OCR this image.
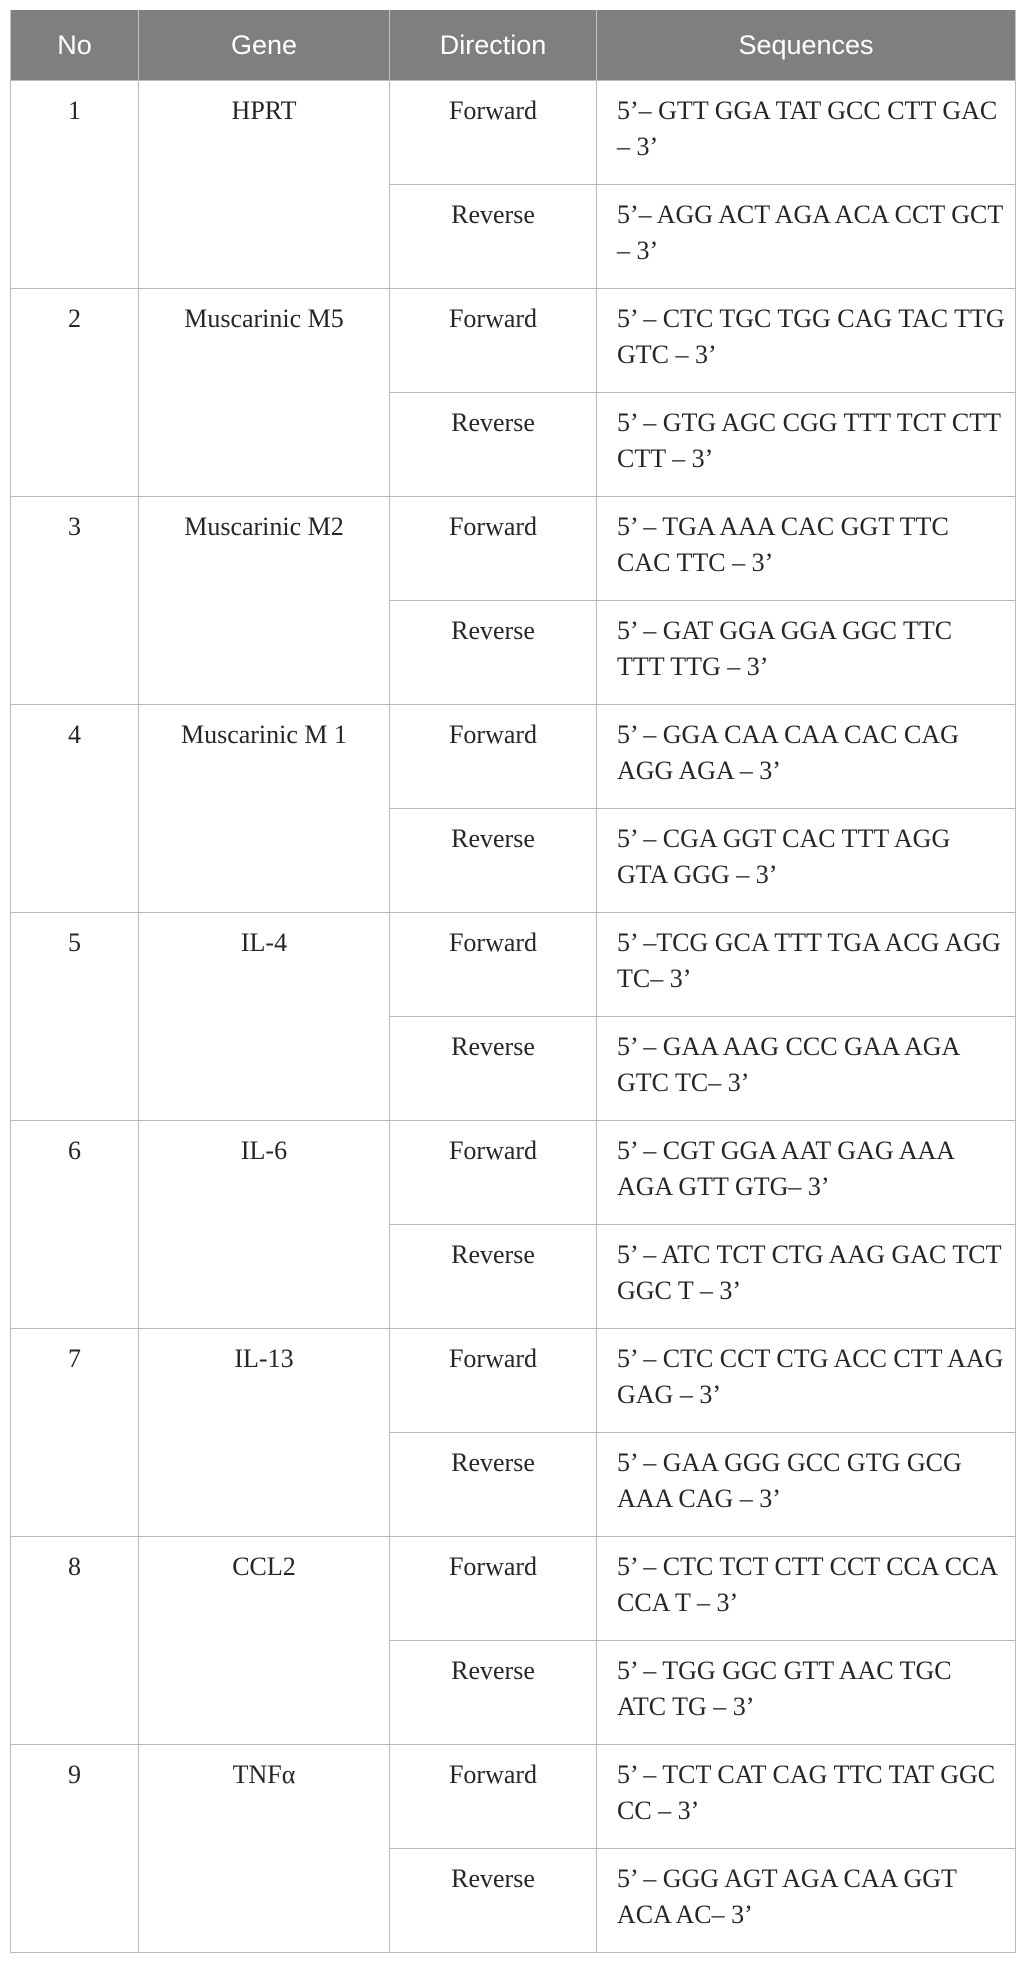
No	Gene	Direction	Sequences
1	HPRT	Forward	5’– GTT GGA TAT GCC CTT GAC – 3’
		Reverse	5’– AGG ACT AGA ACA CCT GCT – 3’
2	Muscarinic M5	Forward	5’ – CTC TGC TGG CAG TAC TTG GTC – 3’
		Reverse	5’ – GTG AGC CGG TTT TCT CTT CTT – 3’
3	Muscarinic M2	Forward	5’ – TGA AAA CAC GGT TTC CAC TTC – 3’
		Reverse	5’ – GAT GGA GGA GGC TTC TTT TTG – 3’
4	Muscarinic M 1	Forward	5’ – GGA CAA CAA CAC CAG AGG AGA – 3’
		Reverse	5’ – CGA GGT CAC TTT AGG GTA GGG – 3’
5	IL-4	Forward	5’ –TCG GCA TTT TGA ACG AGG TC– 3’
		Reverse	5’ – GAA AAG CCC GAA AGA GTC TC– 3’
6	IL-6	Forward	5’ – CGT GGA AAT GAG AAA AGA GTT GTG– 3’
		Reverse	5’ – ATC TCT CTG AAG GAC TCT GGC T – 3’
7	IL-13	Forward	5’ – CTC CCT CTG ACC CTT AAG GAG – 3’
		Reverse	5’ – GAA GGG GCC GTG GCG AAA CAG – 3’
8	CCL2	Forward	5’ – CTC TCT CTT CCT CCA CCA CCA T – 3’
		Reverse	5’ – TGG GGC GTT AAC TGC ATC TG – 3’
9	TNFα	Forward	5’ – TCT CAT CAG TTC TAT GGC CC – 3’
		Reverse	5’ – GGG AGT AGA CAA GGT ACA AC– 3’
